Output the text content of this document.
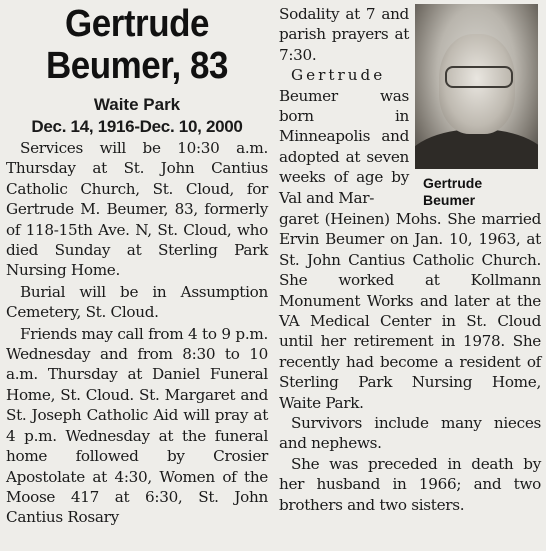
Gertrude
Beumer, 83
Waite Park
Dec. 14, 1916-Dec. 10, 2000

Services will be 10:30 a.m. Thursday at St. John Cantius Catholic Church, St. Cloud, for Gertrude M. Beumer, 83, formerly of 118-15th Ave. N, St. Cloud, who died Sunday at Sterling Park Nursing Home.

Burial will be in Assumption Cemetery, St. Cloud.

Friends may call from 4 to 9 p.m. Wednesday and from 8:30 to 10 a.m. Thursday at Daniel Funeral Home, St. Cloud. St. Margaret and St. Joseph Catholic Aid will pray at 4 p.m. Wednesday at the funeral home followed by Crosier Apostolate at 4:30, Women of the Moose 417 at 6:30, St. John Cantius Rosary

Sodality at 7 and parish prayers at 7:30.

Gertrude Beumer was born in Minneapolis and adopted at seven weeks of age by Val and Mar-

Gertrude
Beumer

garet (Heinen) Mohs. She married Ervin Beumer on Jan. 10, 1963, at St. John Cantius Catholic Church. She worked at Kollmann Monument Works and later at the VA Medical Center in St. Cloud until her retirement in 1978. She recently had become a resident of Sterling Park Nursing Home, Waite Park.

Survivors include many nieces and nephews.

She was preceded in death by her husband in 1966; and two brothers and two sisters.
